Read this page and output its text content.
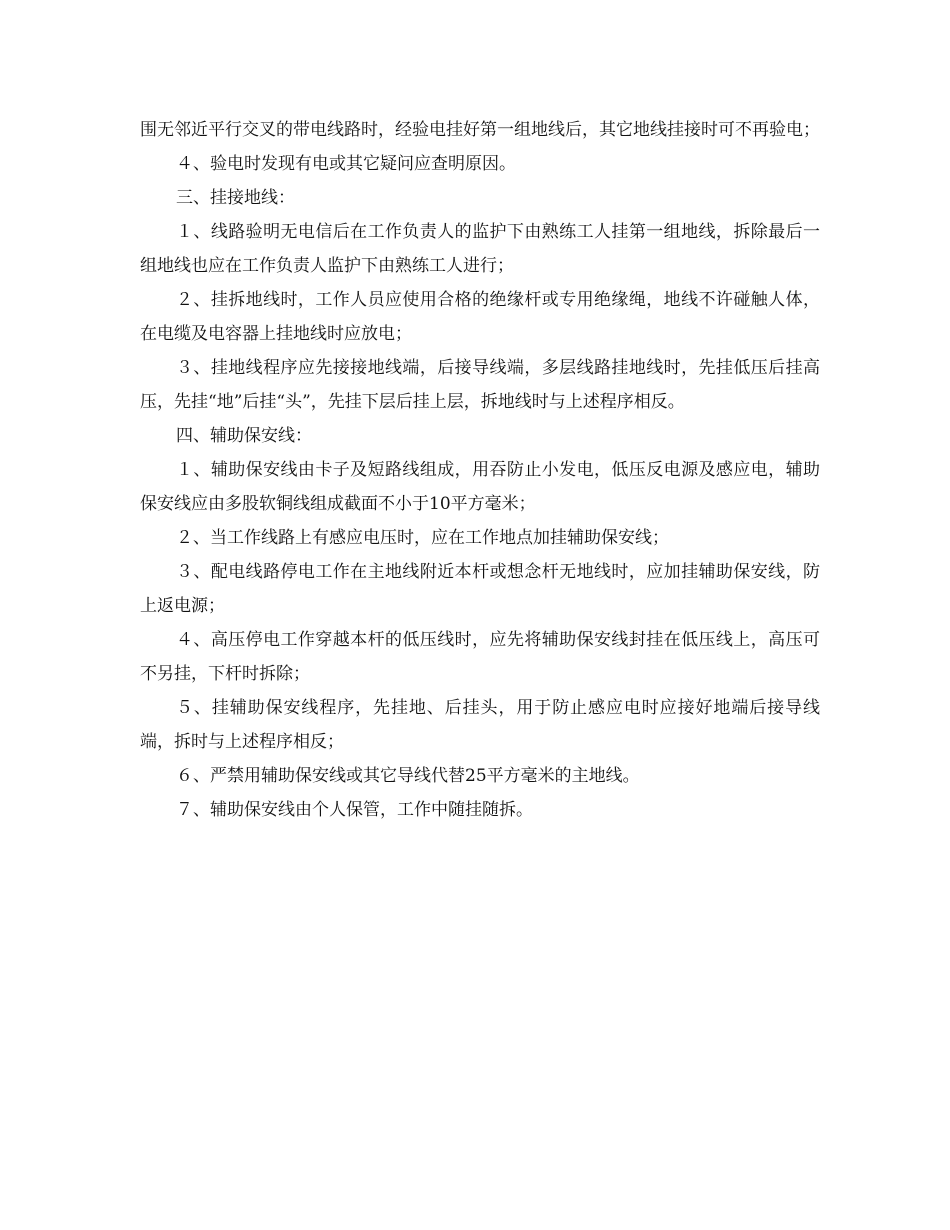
围无邻近平行交叉的带电线路时，经验电挂好第一组地线后，其它地线挂接时可不再验电；

４、验电时发现有电或其它疑问应查明原因。

三、挂接地线：

１、线路验明无电信后在工作负责人的监护下由熟练工人挂第一组地线，拆除最后一组地线也应在工作负责人监护下由熟练工人进行；

２、挂拆地线时，工作人员应使用合格的绝缘杆或专用绝缘绳，地线不许碰触人体，在电缆及电容器上挂地线时应放电；

３、挂地线程序应先接接地线端，后接导线端，多层线路挂地线时，先挂低压后挂高压，先挂“地”后挂“头”，先挂下层后挂上层，拆地线时与上述程序相反。

四、辅助保安线：

１、辅助保安线由卡子及短路线组成，用吞防止小发电，低压反电源及感应电，辅助保安线应由多股软铜线组成截面不小于10平方毫米；

２、当工作线路上有感应电压时，应在工作地点加挂辅助保安线；

３、配电线路停电工作在主地线附近本杆或想念杆无地线时，应加挂辅助保安线，防上返电源；

４、高压停电工作穿越本杆的低压线时，应先将辅助保安线封挂在低压线上，高压可不另挂，下杆时拆除；

５、挂辅助保安线程序，先挂地、后挂头，用于防止感应电时应接好地端后接导线端，拆时与上述程序相反；

６、严禁用辅助保安线或其它导线代替25平方毫米的主地线。

７、辅助保安线由个人保管，工作中随挂随拆。
